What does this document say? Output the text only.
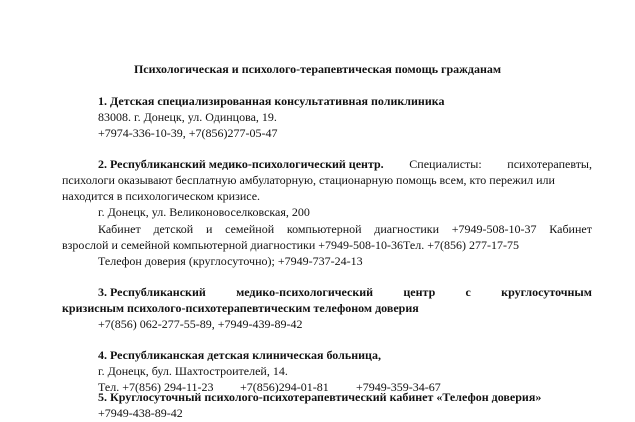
Психологическая и психолого-терапевтическая помощь гражданам
1. Детская специализированная консультативная поликлиника
83008. г. Донецк, ул. Одинцова, 19.
+7974-336-10-39, +7(856)277-05-47
2. Республиканский медико-психологический центр. Специалисты: психотерапевты,
психологи оказывают бесплатную амбулаторную, стационарную помощь всем, кто пережил или
находится в психологическом кризисе.
г. Донецк, ул. Великоновоселковская, 200
Кабинет детской и семейной компьютерной диагностики +7949-508-10-37 Кабинет
взрослой и семейной компьютерной диагностики +7949-508-10-36Тел. +7(856) 277-17-75
Телефон доверия (круглосуточно); +7949-737-24-13
3. Республиканский	медико-психологический	центр	с	круглосуточным
кризисным психолого-психотерапевтическим телефоном доверия
+7(856) 062-277-55-89, +7949-439-89-42
4. Республиканская детская клиническая больница,
г. Донецк, бул. Шахтостроителей, 14.
Тел. +7(856) 294-11-23 +7(856)294-01-81 +7949-359-34-67
5. Круглосуточный психолого-психотерапевтический кабинет «Телефон доверия»
+7949-438-89-42
